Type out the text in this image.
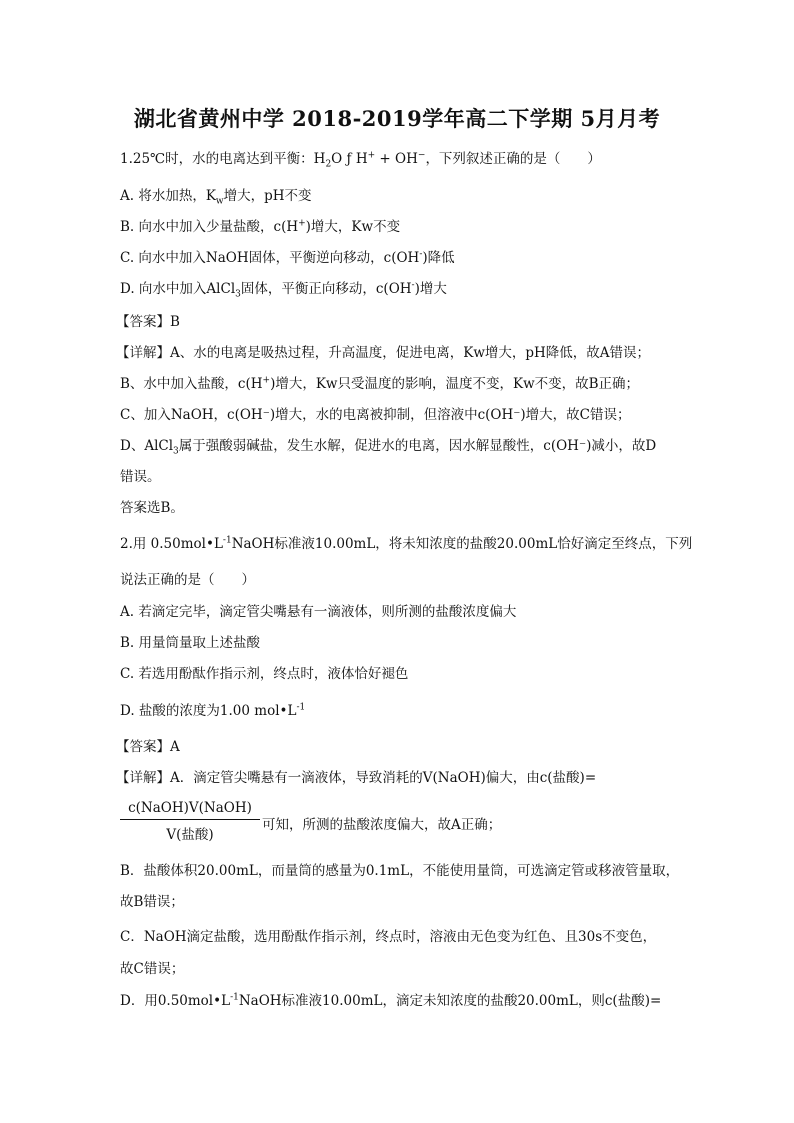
湖北省黄州中学 2018-2019学年高二下学期 5月月考
1.25℃时，水的电离达到平衡：$H_2O$ ƒ H+ + OH−，下列叙述正确的是（　　）
A. 将水加热，$K_w$增大，pH不变
B. 向水中加入少量盐酸，c(H+)增大，Kw不变
C. 向水中加入NaOH固体，平衡逆向移动，c(OH-)降低
D. 向水中加入AlCl$_3$固体，平衡正向移动，c(OH-)增大
【答案】B
【详解】A、水的电离是吸热过程，升高温度，促进电离，Kw增大，pH降低，故A错误；
B、水中加入盐酸，c(H+)增大，Kw只受温度的影响，温度不变，Kw不变，故B正确；
C、加入NaOH，c(OH⁻)增大，水的电离被抑制，但溶液中c(OH⁻)增大，故C错误；
D、AlCl$_3$属于强酸弱碱盐，发生水解，促进水的电离，因水解显酸性，c(OH⁻)减小，故D
错误。
答案选B。
2.用 $0.50mol•L^{-1}NaOH$标准液10.00mL，将未知浓度的盐酸20.00mL恰好滴定至终点，下列
说法正确的是（　　）
A. 若滴定完毕，滴定管尖嘴悬有一滴液体，则所测的盐酸浓度偏大
B. 用量筒量取上述盐酸
C. 若选用酚酞作指示剂，终点时，液体恰好褪色
D. 盐酸的浓度为1.00 $mol•L^{-1}$
【答案】A
【详解】A．滴定管尖嘴悬有一滴液体，导致消耗的V(NaOH)偏大，由c(盐酸)=
c(NaOH)V(NaOH)
V(盐酸)
可知，所测的盐酸浓度偏大，故A正确；
B．盐酸体积20.00mL，而量筒的感量为0.1mL，不能使用量筒，可选滴定管或移液管量取，
故B错误；
C．NaOH滴定盐酸，选用酚酞作指示剂，终点时，溶液由无色变为红色、且30s不变色，
故C错误；
D．用$0.50mol•L^{-1}NaOH$标准液10.00mL，滴定未知浓度的盐酸20.00mL，则c(盐酸)=
